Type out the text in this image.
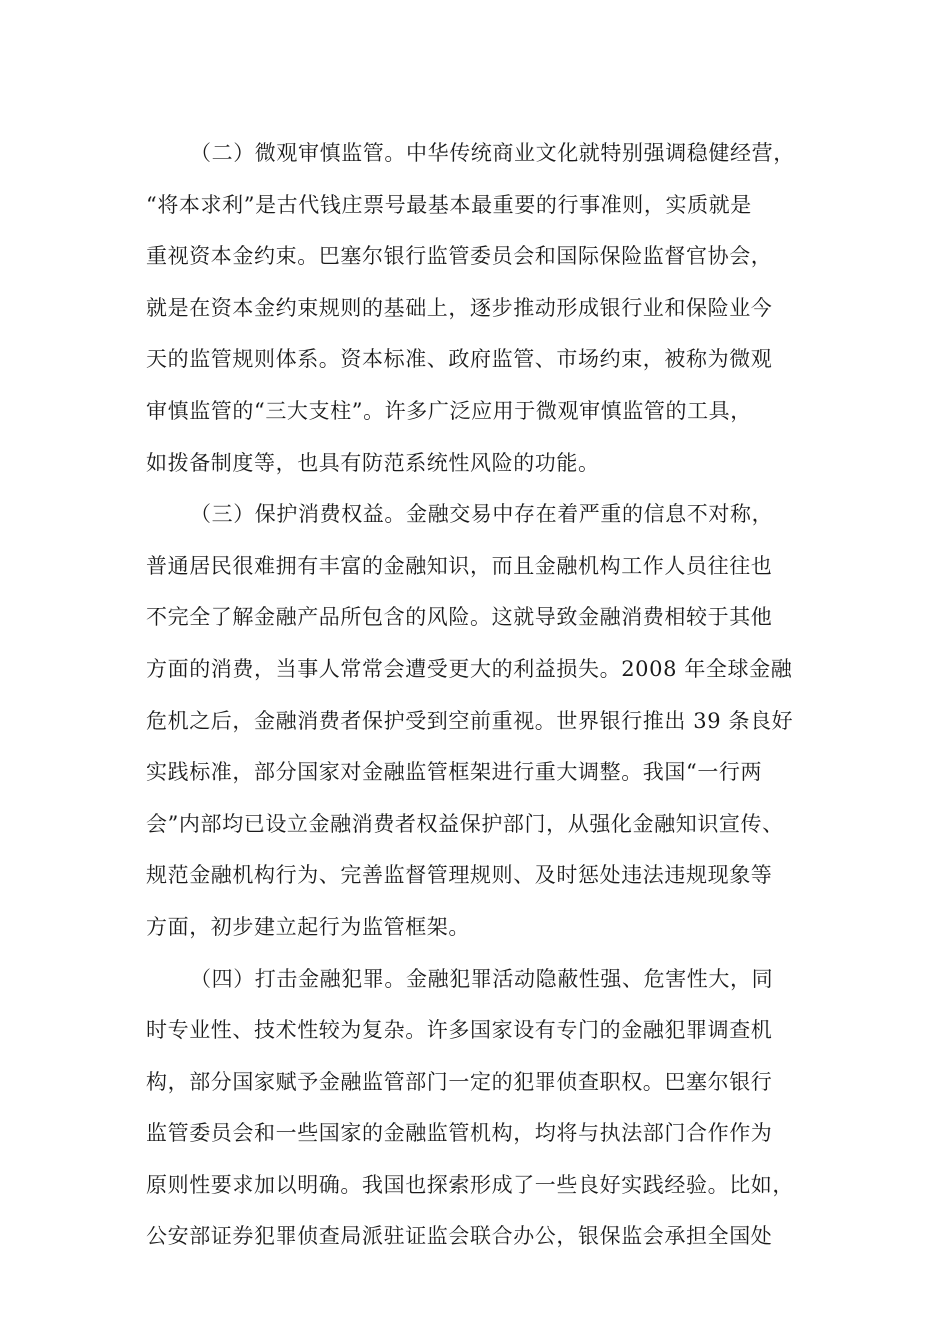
（二）微观审慎监管。中华传统商业文化就特别强调稳健经营，
“将本求利”是古代钱庄票号最基本最重要的行事准则，实质就是
重视资本金约束。巴塞尔银行监管委员会和国际保险监督官协会，
就是在资本金约束规则的基础上，逐步推动形成银行业和保险业今
天的监管规则体系。资本标准、政府监管、市场约束，被称为微观
审慎监管的“三大支柱”。许多广泛应用于微观审慎监管的工具，
如拨备制度等，也具有防范系统性风险的功能。
（三）保护消费权益。金融交易中存在着严重的信息不对称，
普通居民很难拥有丰富的金融知识，而且金融机构工作人员往往也
不完全了解金融产品所包含的风险。这就导致金融消费相较于其他
方面的消费，当事人常常会遭受更大的利益损失。2008 年全球金融
危机之后，金融消费者保护受到空前重视。世界银行推出 39 条良好
实践标准，部分国家对金融监管框架进行重大调整。我国“一行两
会”内部均已设立金融消费者权益保护部门，从强化金融知识宣传、
规范金融机构行为、完善监督管理规则、及时惩处违法违规现象等
方面，初步建立起行为监管框架。
（四）打击金融犯罪。金融犯罪活动隐蔽性强、危害性大，同
时专业性、技术性较为复杂。许多国家设有专门的金融犯罪调查机
构，部分国家赋予金融监管部门一定的犯罪侦查职权。巴塞尔银行
监管委员会和一些国家的金融监管机构，均将与执法部门合作作为
原则性要求加以明确。我国也探索形成了一些良好实践经验。比如，
公安部证券犯罪侦查局派驻证监会联合办公，银保监会承担全国处
